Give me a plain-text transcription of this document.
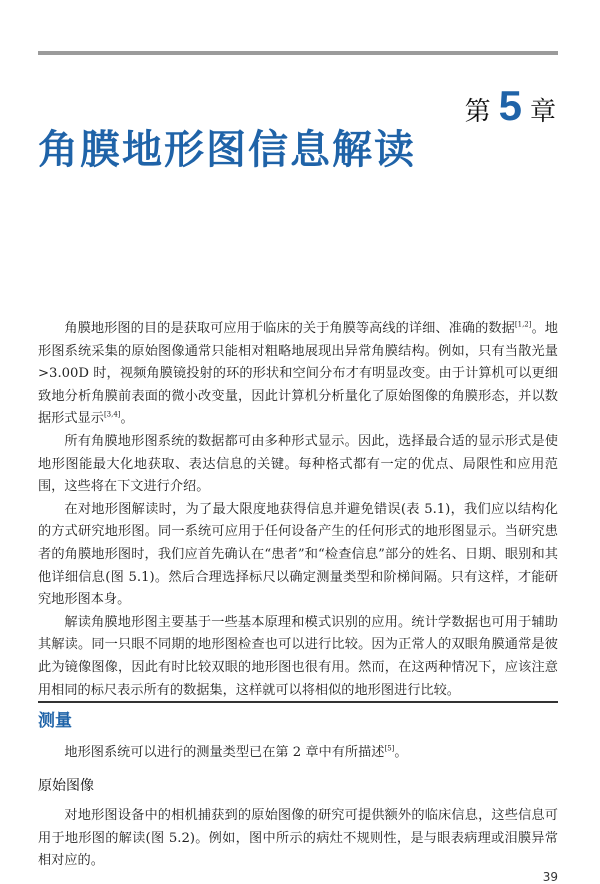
第 5 章
角膜地形图信息解读

角膜地形图的目的是获取可应用于临床的关于角膜等高线的详细、准确的数据[1,2]。地形图系统采集的原始图像通常只能相对粗略地展现出异常角膜结构。例如，只有当散光量>3.00D 时，视频角膜镜投射的环的形状和空间分布才有明显改变。由于计算机可以更细致地分析角膜前表面的微小改变量，因此计算机分析量化了原始图像的角膜形态，并以数据形式显示[3,4]。

所有角膜地形图系统的数据都可由多种形式显示。因此，选择最合适的显示形式是使地形图能最大化地获取、表达信息的关键。每种格式都有一定的优点、局限性和应用范围，这些将在下文进行介绍。

在对地形图解读时，为了最大限度地获得信息并避免错误(表 5.1)，我们应以结构化的方式研究地形图。同一系统可应用于任何设备产生的任何形式的地形图显示。当研究患者的角膜地形图时，我们应首先确认在“患者”和“检查信息”部分的姓名、日期、眼别和其他详细信息(图 5.1)。然后合理选择标尺以确定测量类型和阶梯间隔。只有这样，才能研究地形图本身。

解读角膜地形图主要基于一些基本原理和模式识别的应用。统计学数据也可用于辅助其解读。同一只眼不同期的地形图检查也可以进行比较。因为正常人的双眼角膜通常是彼此为镜像图像，因此有时比较双眼的地形图也很有用。然而，在这两种情况下，应该注意用相同的标尺表示所有的数据集，这样就可以将相似的地形图进行比较。

测量

地形图系统可以进行的测量类型已在第 2 章中有所描述[5]。

原始图像

对地形图设备中的相机捕获到的原始图像的研究可提供额外的临床信息，这些信息可用于地形图的解读(图 5.2)。例如，图中所示的病灶不规则性，是与眼表病理或泪膜异常相对应的。

39
